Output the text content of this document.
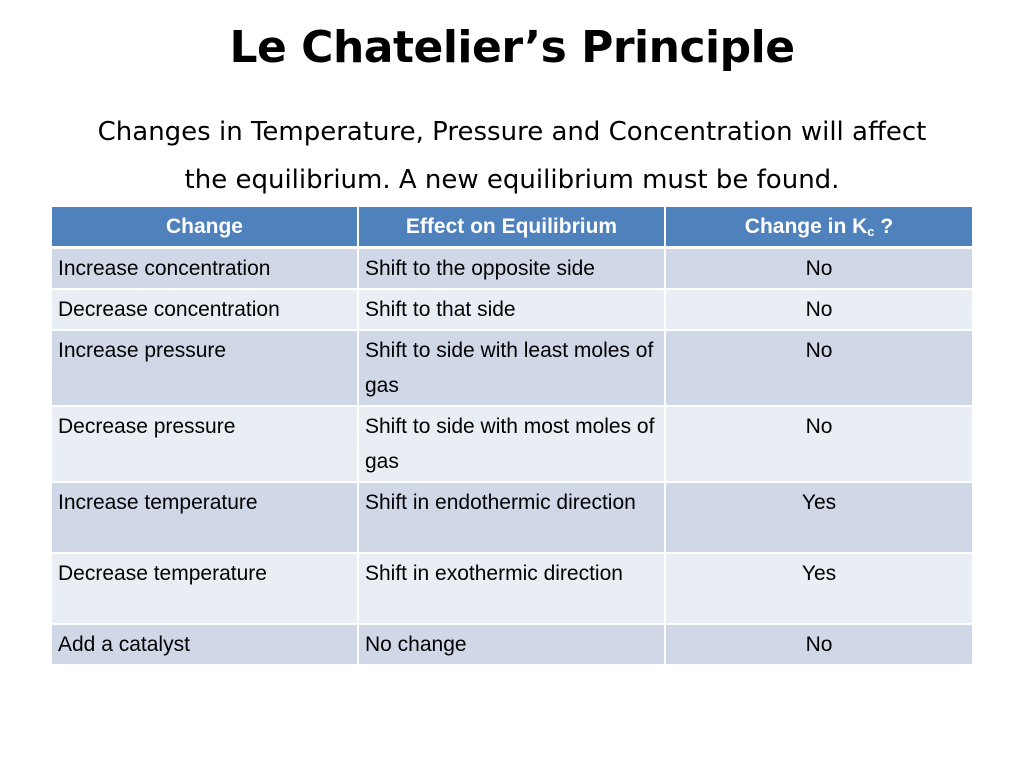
Le Chatelier’s Principle

Changes in Temperature, Pressure and Concentration will affect
the equilibrium. A new equilibrium must be found.

Change	Effect on Equilibrium	Change in $K_c$ ?
Increase concentration	Shift to the opposite side	No
Decrease concentration	Shift to that side	No
Increase pressure	Shift to side with least moles of gas	No
Decrease pressure	Shift to side with most moles of gas	No
Increase temperature	Shift in endothermic direction	Yes
Decrease temperature	Shift in exothermic direction	Yes
Add a catalyst	No change	No
